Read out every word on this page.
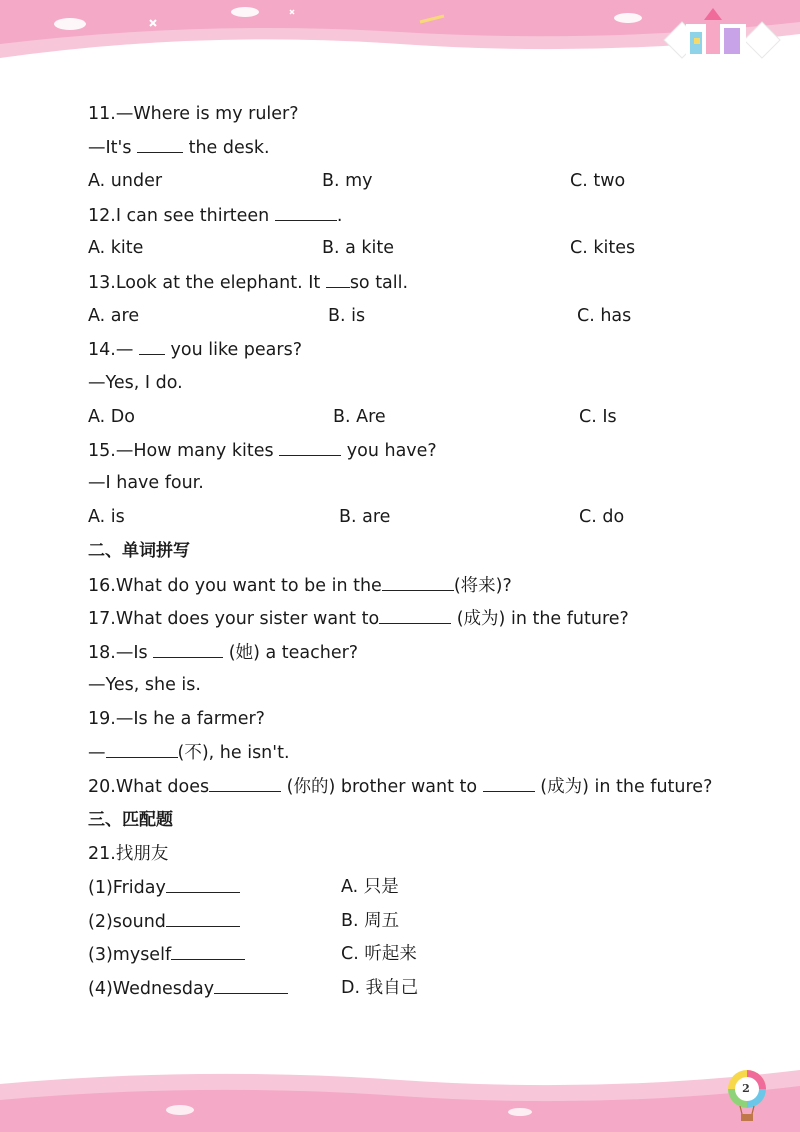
11.—Where is my ruler?
—It's	the desk.
A. under	B. my	C. two
12.I can see thirteen	.
A. kite	B. a kite	C. kites
13.Look at the elephant. It so tall.
A. are	B. is	C. has
14.— you like pears?
—Yes, I do.
A. Do	B. Are	C. Is
15.—How many kites	you have?
—I have four.
A. is	B. are	C. do
二、单词拼写
16.What do you want to be in the	(将来)?
17.What does your sister want to	(成为) in the future?
18.—Is	(她) a teacher?
—Yes, she is.
19.—Is he a farmer?
—	(不), he isn't.
20.What does	(你的) brother want to	(成为) in the future?
三、匹配题
21.找朋友
(1)Friday	A. 只是
(2)sound	B. 周五
(3)myself	C. 听起来
(4)Wednesday	D. 我自己
2
